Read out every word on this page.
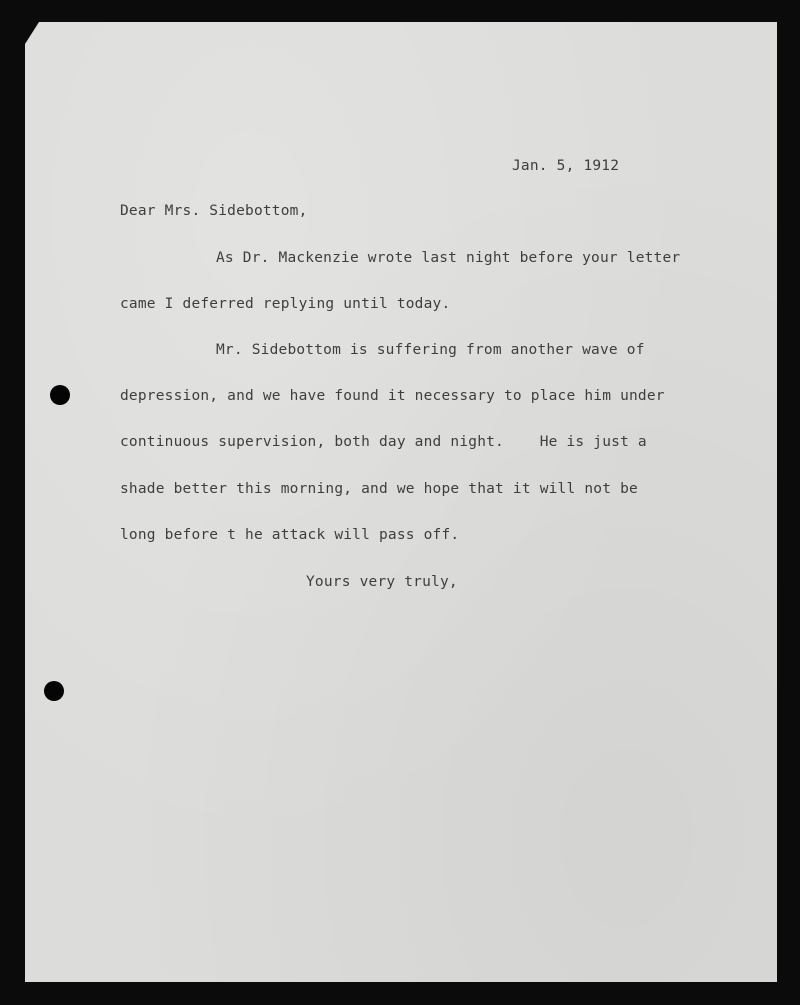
Jan. 5, 1912

Dear Mrs. Sidebottom,

As Dr. Mackenzie wrote last night before your letter

came I deferred replying until today.

Mr. Sidebottom is suffering from another wave of

depression, and we have found it necessary to place him under

continuous supervision, both day and night.    He is just a

shade better this morning, and we hope that it will not be

long before t he attack will pass off.

Yours very truly,
